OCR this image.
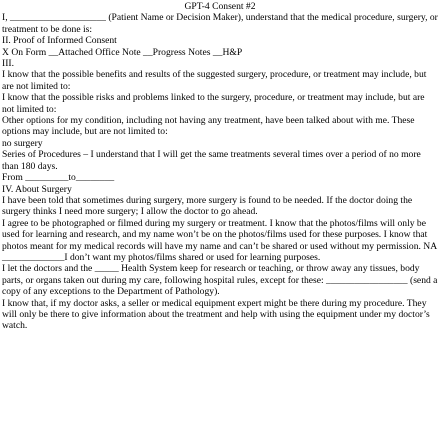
GPT-4 Consent #2
I, ____________________ (Patient Name or Decision Maker), understand that the medical procedure, surgery, or treatment to be done is:
II. Proof of Informed Consent
X On Form __Attached Office Note __Progress Notes __H&P
III.
I know that the possible benefits and results of the suggested surgery, procedure, or treatment may include, but are not limited to:
I know that the possible risks and problems linked to the surgery, procedure, or treatment may include, but are not limited to:
Other options for my condition, including not having any treatment, have been talked about with me. These options may include, but are not limited to:
no surgery
Series of Procedures – I understand that I will get the same treatments several times over a period of no more than 180 days.
From _________to________
IV. About Surgery
I have been told that sometimes during surgery, more surgery is found to be needed. If the doctor doing the surgery thinks I need more surgery; I allow the doctor to go ahead.
I agree to be photographed or filmed during my surgery or treatment. I know that the photos/films will only be used for learning and research, and my name won’t be on the photos/films used for these purposes. I know that photos meant for my medical records will have my name and can’t be shared or used without my permission. NA _____________I don’t want my photos/films shared or used for learning purposes.
I let the doctors and the _____ Health System keep for research or teaching, or throw away any tissues, body parts, or organs taken out during my care, following hospital rules, except for these: _________________ (send a copy of any exceptions to the Department of Pathology).
I know that, if my doctor asks, a seller or medical equipment expert might be there during my procedure. They will only be there to give information about the treatment and help with using the equipment under my doctor’s watch.
